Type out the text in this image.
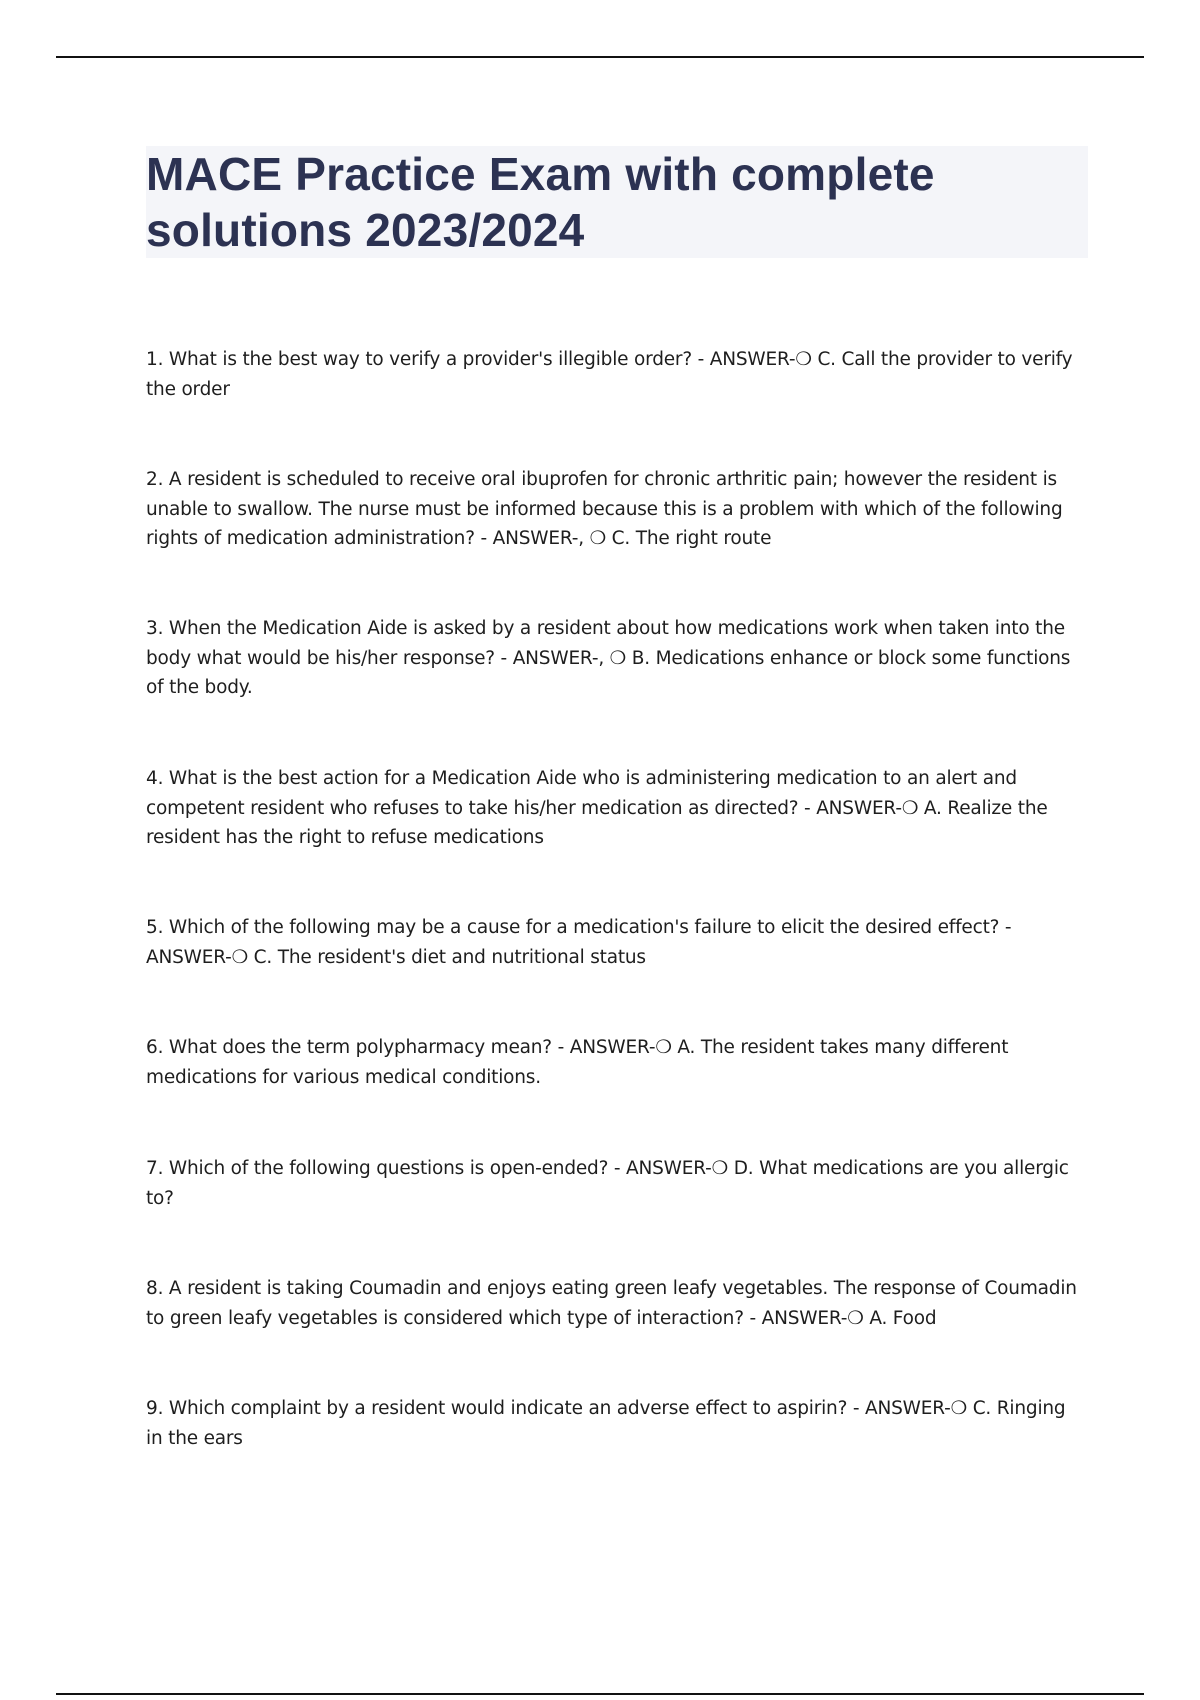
MACE Practice Exam with complete solutions 2023/2024

1. What is the best way to verify a provider's illegible order? - ANSWER-❍ C. Call the provider to verify the order

2. A resident is scheduled to receive oral ibuprofen for chronic arthritic pain; however the resident is unable to swallow. The nurse must be informed because this is a problem with which of the following rights of medication administration? - ANSWER-, ❍ C. The right route

3. When the Medication Aide is asked by a resident about how medications work when taken into the body what would be his/her response? - ANSWER-, ❍ B. Medications enhance or block some functions of the body.

4. What is the best action for a Medication Aide who is administering medication to an alert and competent resident who refuses to take his/her medication as directed? - ANSWER-❍ A. Realize the resident has the right to refuse medications

5. Which of the following may be a cause for a medication's failure to elicit the desired effect? - ANSWER-❍ C. The resident's diet and nutritional status

6. What does the term polypharmacy mean? - ANSWER-❍ A. The resident takes many different medications for various medical conditions.

7. Which of the following questions is open-ended? - ANSWER-❍ D. What medications are you allergic to?

8. A resident is taking Coumadin and enjoys eating green leafy vegetables. The response of Coumadin to green leafy vegetables is considered which type of interaction? - ANSWER-❍ A. Food

9. Which complaint by a resident would indicate an adverse effect to aspirin? - ANSWER-❍ C. Ringing in the ears
